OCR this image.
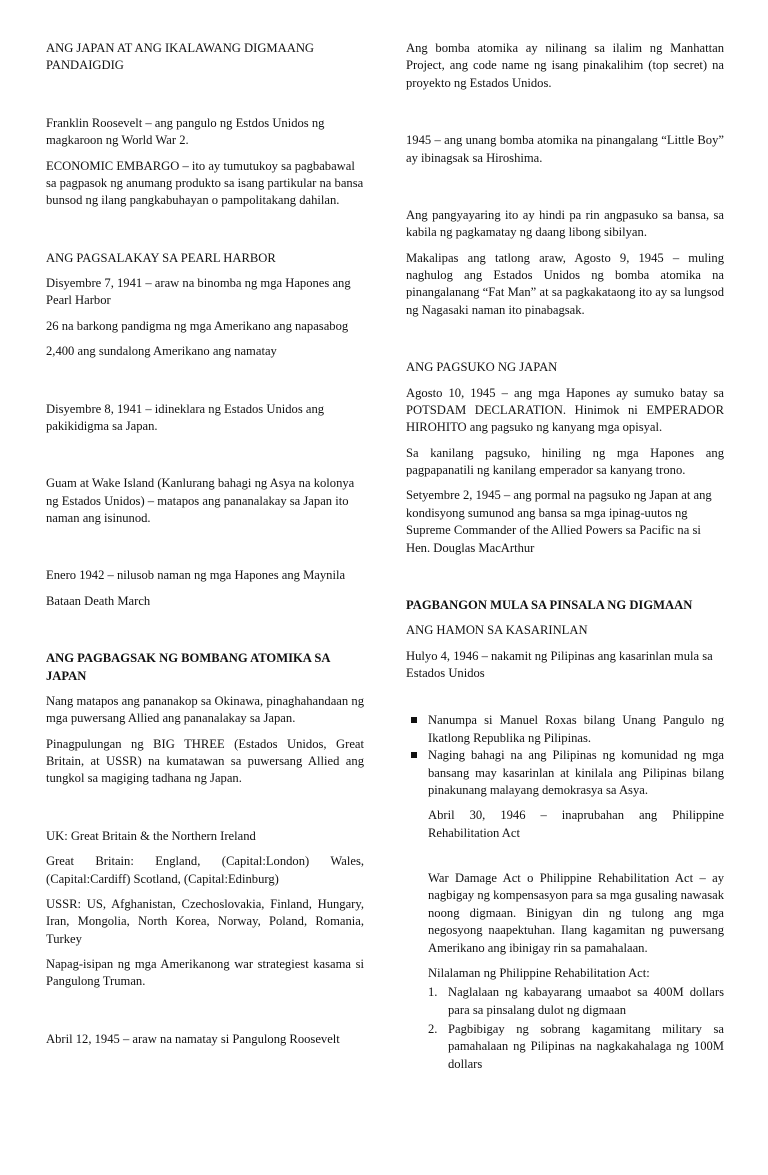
ANG JAPAN AT ANG IKALAWANG DIGMAANG PANDAIGDIG

Franklin Roosevelt – ang pangulo ng Estdos Unidos ng magkaroon ng World War 2.

ECONOMIC EMBARGO – ito ay tumutukoy sa pagbabawal sa pagpasok ng anumang produkto sa isang partikular na bansa bunsod ng ilang pangkabuhayan o pampolitakang dahilan.

ANG PAGSALAKAY SA PEARL HARBOR

Disyembre 7, 1941 – araw na binomba ng mga Hapones ang Pearl Harbor

26 na barkong pandigma ng mga Amerikano ang napasabog

2,400 ang sundalong Amerikano ang namatay

Disyembre 8, 1941 – idineklara ng Estados Unidos ang pakikidigma sa Japan.

Guam at Wake Island (Kanlurang bahagi ng Asya na kolonya ng Estados Unidos) – matapos ang pananalakay sa Japan ito naman ang isinunod.

Enero 1942 – nilusob naman ng mga Hapones ang Maynila

Bataan Death March

ANG PAGBAGSAK NG BOMBANG ATOMIKA SA JAPAN

Nang matapos ang pananakop sa Okinawa, pinaghahandaan ng mga puwersang Allied ang pananalakay sa Japan.

Pinagpulungan ng BIG THREE (Estados Unidos, Great Britain, at USSR) na kumatawan sa puwersang Allied ang tungkol sa magiging tadhana ng Japan.

UK: Great Britain & the Northern Ireland

Great Britain: England, (Capital:London) Wales, (Capital:Cardiff) Scotland, (Capital:Edinburg)

USSR: US, Afghanistan, Czechoslovakia, Finland, Hungary, Iran, Mongolia, North Korea, Norway, Poland, Romania, Turkey

Napag-isipan ng mga Amerikanong war strategiest kasama si Pangulong Truman.

Abril 12, 1945 – araw na namatay si Pangulong Roosevelt

Ang bomba atomika ay nilinang sa ilalim ng Manhattan Project, ang code name ng isang pinakalihim (top secret) na proyekto ng Estados Unidos.

1945 – ang unang bomba atomika na pinangalang “Little Boy” ay ibinagsak sa Hiroshima.

Ang pangyayaring ito ay hindi pa rin angpasuko sa bansa, sa kabila ng pagkamatay ng daang libong sibilyan.

Makalipas ang tatlong araw, Agosto 9, 1945 – muling naghulog ang Estados Unidos ng bomba atomika na pinangalanang “Fat Man” at sa pagkakataong ito ay sa lungsod ng Nagasaki naman ito pinabagsak.

ANG PAGSUKO NG JAPAN

Agosto 10, 1945 – ang mga Hapones ay sumuko batay sa POTSDAM DECLARATION. Hinimok ni EMPERADOR HIROHITO ang pagsuko ng kanyang mga opisyal.

Sa kanilang pagsuko, hiniling ng mga Hapones ang pagpapanatili ng kanilang emperador sa kanyang trono.

Setyembre 2, 1945 – ang pormal na pagsuko ng Japan at ang kondisyong sumunod ang bansa sa mga ipinag-uutos ng Supreme Commander of the Allied Powers sa Pacific na si Hen. Douglas MacArthur

PAGBANGON MULA SA PINSALA NG DIGMAAN
ANG HAMON SA KASARINLAN

Hulyo 4, 1946 – nakamit ng Pilipinas ang kasarinlan mula sa Estados Unidos

Nanumpa si Manuel Roxas bilang Unang Pangulo ng Ikatlong Republika ng Pilipinas.
Naging bahagi na ang Pilipinas ng komunidad ng mga bansang may kasarinlan at kinilala ang Pilipinas bilang pinakunang malayang demokrasya sa Asya.

Abril 30, 1946 – inaprubahan ang Philippine Rehabilitation Act

War Damage Act o Philippine Rehabilitation Act – ay nagbigay ng kompensasyon para sa mga gusaling nawasak noong digmaan. Binigyan din ng tulong ang mga negosyong naapektuhan. Ilang kagamitan ng puwersang Amerikano ang ibinigay rin sa pamahalaan.

Nilalaman ng Philippine Rehabilitation Act:

1. Naglalaan ng kabayarang umaabot sa 400M dollars para sa pinsalang dulot ng digmaan
2. Pagbibigay ng sobrang kagamitang military sa pamahalaan ng Pilipinas na nagkakahalaga ng 100M dollars
